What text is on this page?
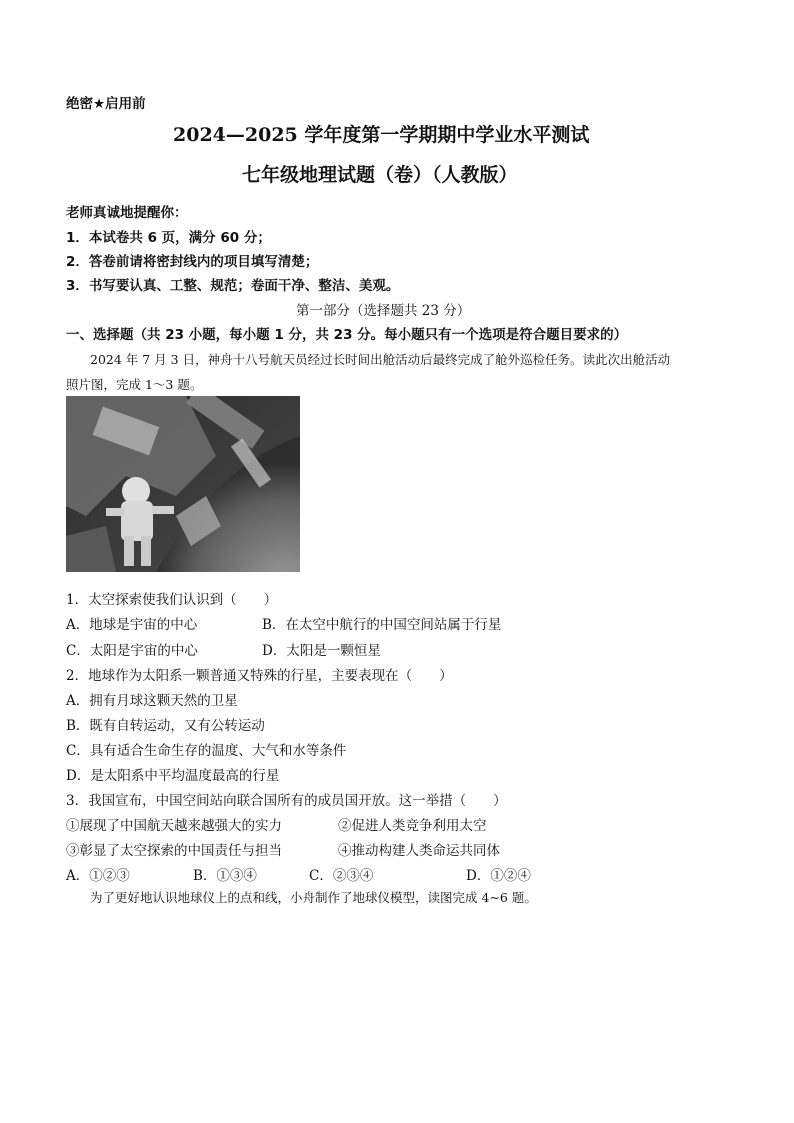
绝密★启用前
2024—2025 学年度第一学期期中学业水平测试
七年级地理试题（卷）（人教版）
老师真诚地提醒你：
1．本试卷共 6 页，满分 60 分；
2．答卷前请将密封线内的项目填写清楚；
3．书写要认真、工整、规范；卷面干净、整洁、美观。
第一部分（选择题共 23 分）
一、选择题（共 23 小题，每小题 1 分，共 23 分。每小题只有一个选项是符合题目要求的）
2024 年 7 月 3 日，神舟十八号航天员经过长时间出舱活动后最终完成了舱外巡检任务。读此次出舱活动
照片图，完成 1～3 题。
1．太空探索使我们认识到（　　）
A．地球是宇宙的中心	B．在太空中航行的中国空间站属于行星
C．太阳是宇宙的中心	D．太阳是一颗恒星
2．地球作为太阳系一颗普通又特殊的行星，主要表现在（　　）
A．拥有月球这颗天然的卫星
B．既有自转运动，又有公转运动
C．具有适合生命生存的温度、大气和水等条件
D．是太阳系中平均温度最高的行星
3．我国宣布，中国空间站向联合国所有的成员国开放。这一举措（　　）
①展现了中国航天越来越强大的实力	②促进人类竞争利用太空
③彰显了太空探索的中国责任与担当	④推动构建人类命运共同体
A．①②③	B．①③④	C．②③④	D．①②④
为了更好地认识地球仪上的点和线，小舟制作了地球仪模型，读图完成 4~6 题。
